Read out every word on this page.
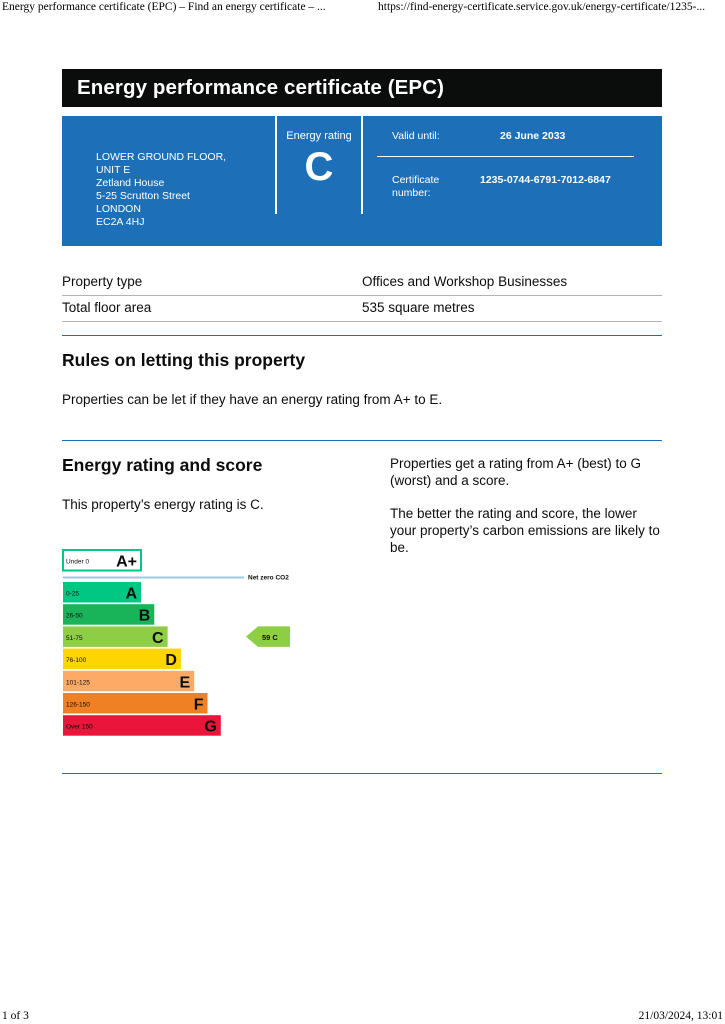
Energy performance certificate (EPC) – Find an energy certificate – ...	https://find-energy-certificate.service.gov.uk/energy-certificate/1235-...
Energy performance certificate (EPC)
LOWER GROUND FLOOR,
UNIT E
Zetland House
5-25 Scrutton Street
LONDON
EC2A 4HJ
Energy rating
C
Valid until:	26 June 2033
Certificate number:
1235-0744-6791-7012-6847
Property type	Offices and Workshop Businesses
Total floor area	535 square metres
Rules on letting this property
Properties can be let if they have an energy rating from A+ to E.
Energy rating and score
This property’s energy rating is C.
Properties get a rating from A+ (best) to G (worst) and a score.
The better the rating and score, the lower your property’s carbon emissions are likely to be.
Under 0 A+
0-25	A
26-50	B
51-75	C
76-100	D
101-125	E
126-150	F
Over 150	G
Net zero CO2
59 C
1 of 3	21/03/2024, 13:01
